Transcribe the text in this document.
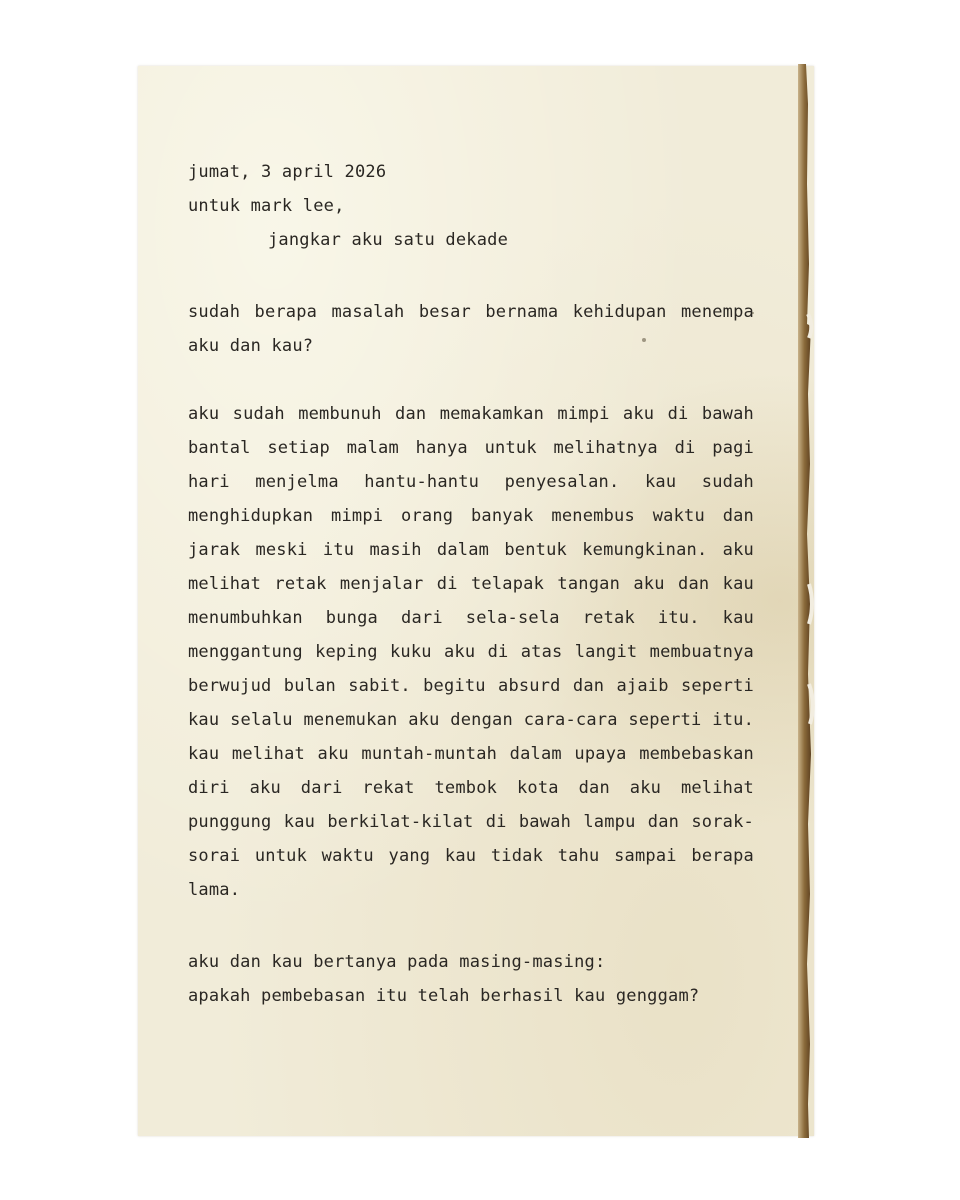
jumat, 3 april 2026
untuk mark lee,
jangkar aku satu dekade

sudah berapa masalah besar bernama kehidupan menempa aku dan kau?

aku sudah membunuh dan memakamkan mimpi aku di bawah bantal setiap malam hanya untuk melihatnya di pagi hari menjelma hantu-hantu penyesalan. kau sudah menghidupkan mimpi orang banyak menembus waktu dan jarak meski itu masih dalam bentuk kemungkinan. aku melihat retak menjalar di telapak tangan aku dan kau menumbuhkan bunga dari sela-sela retak itu. kau menggantung keping kuku aku di atas langit membuatnya berwujud bulan sabit. begitu absurd dan ajaib seperti kau selalu menemukan aku dengan cara-cara seperti itu. kau melihat aku muntah-muntah dalam upaya membebaskan diri aku dari rekat tembok kota dan aku melihat punggung kau berkilat-kilat di bawah lampu dan sorak-sorai untuk waktu yang kau tidak tahu sampai berapa lama.

aku dan kau bertanya pada masing-masing:
apakah pembebasan itu telah berhasil kau genggam?
